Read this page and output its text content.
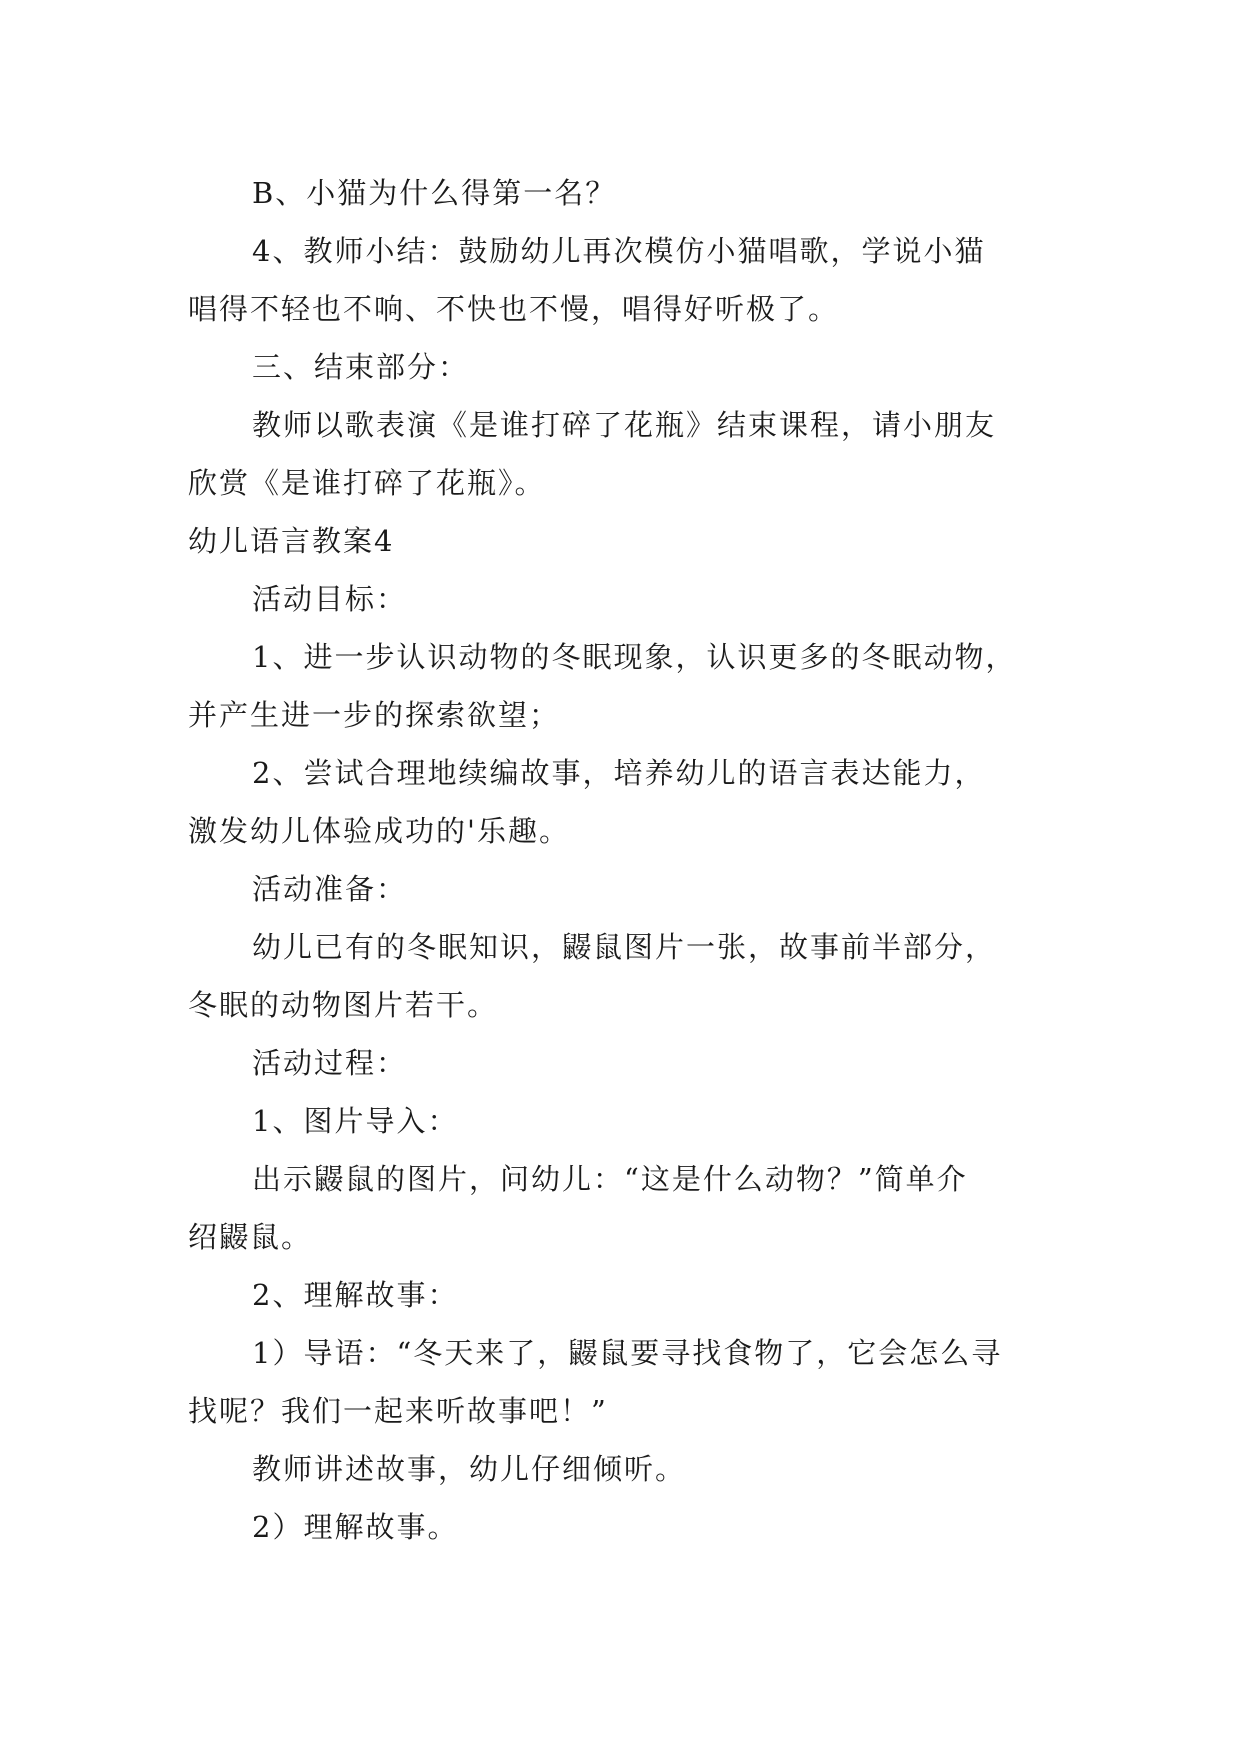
B、小猫为什么得第一名？

4、教师小结：鼓励幼儿再次模仿小猫唱歌，学说小猫

唱得不轻也不响、不快也不慢，唱得好听极了。

三、结束部分：

教师以歌表演《是谁打碎了花瓶》结束课程，请小朋友

欣赏《是谁打碎了花瓶》。

幼儿语言教案4

活动目标：

1、进一步认识动物的冬眠现象，认识更多的冬眠动物，

并产生进一步的探索欲望；

2、尝试合理地续编故事，培养幼儿的语言表达能力，

激发幼儿体验成功的'乐趣。

活动准备：

幼儿已有的冬眠知识，鼹鼠图片一张，故事前半部分，

冬眠的动物图片若干。

活动过程：

1、图片导入：

出示鼹鼠的图片，问幼儿：“这是什么动物？”简单介

绍鼹鼠。

2、理解故事：

1）导语：“冬天来了，鼹鼠要寻找食物了，它会怎么寻

找呢？我们一起来听故事吧！”

教师讲述故事，幼儿仔细倾听。

2）理解故事。
